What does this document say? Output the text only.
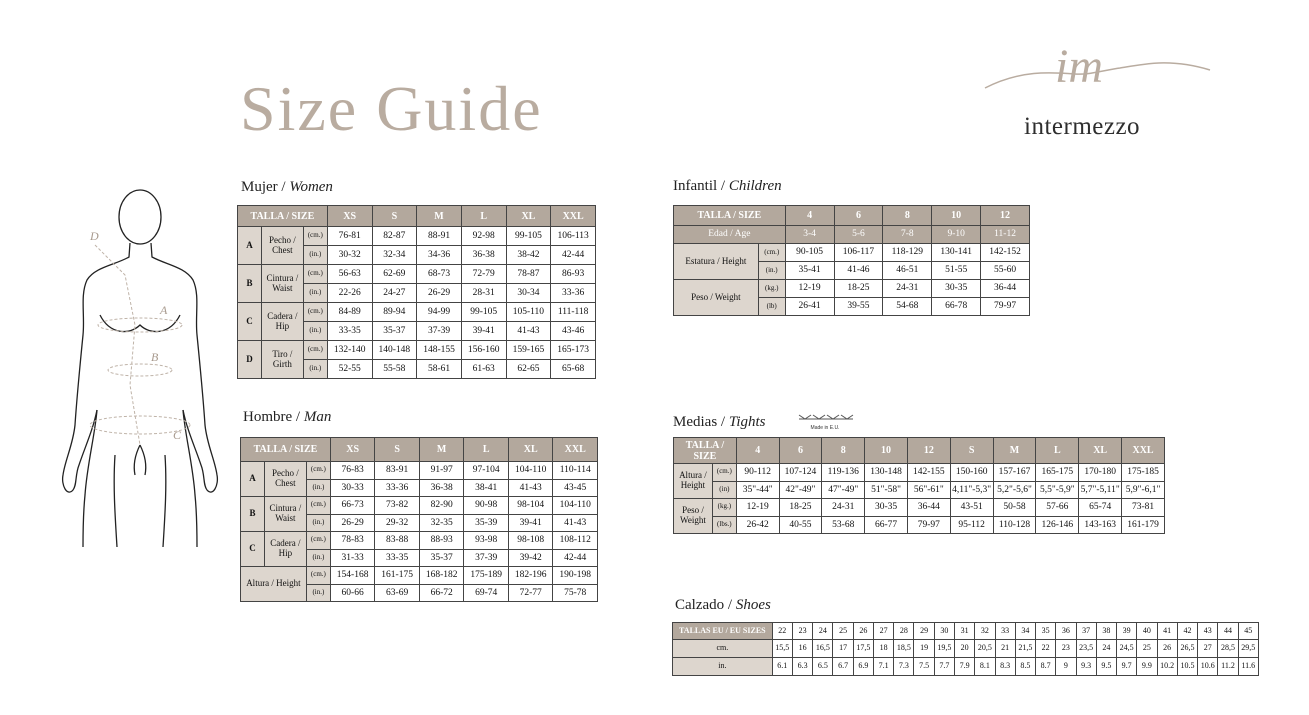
Size Guide
im
intermezzo
D
A
B
C
Mujer / Women
TALLA / SIZE			XS	S	M	L	XL	XXL
A	Pecho / Chest	(cm.)	76-81	82-87	88-91	92-98	99-105	106-113
		(in.)	30-32	32-34	34-36	36-38	38-42	42-44
B	Cintura / Waist	(cm.)	56-63	62-69	68-73	72-79	78-87	86-93
		(in.)	22-26	24-27	26-29	28-31	30-34	33-36
C	Cadera / Hip	(cm.)	84-89	89-94	94-99	99-105	105-110	111-118
		(in.)	33-35	35-37	37-39	39-41	41-43	43-46
D	Tiro / Girth	(cm.)	132-140	140-148	148-155	156-160	159-165	165-173
		(in.)	52-55	55-58	58-61	61-63	62-65	65-68
Hombre / Man
TALLA / SIZE			XS	S	M	L	XL	XXL
A	Pecho / Chest	(cm.)	76-83	83-91	91-97	97-104	104-110	110-114
		(in.)	30-33	33-36	36-38	38-41	41-43	43-45
B	Cintura / Waist	(cm.)	66-73	73-82	82-90	90-98	98-104	104-110
		(in.)	26-29	29-32	32-35	35-39	39-41	41-43
C	Cadera / Hip	(cm.)	78-83	83-88	88-93	93-98	98-108	108-112
		(in.)	31-33	33-35	35-37	37-39	39-42	42-44
Altura / Height		(cm.)	154-168	161-175	168-182	175-189	182-196	190-198
		(in.)	60-66	63-69	66-72	69-74	72-77	75-78
Infantil / Children
TALLA / SIZE		4	6	8	10	12
Edad / Age		3-4	5-6	7-8	9-10	11-12
Estatura / Height	(cm.)	90-105	106-117	118-129	130-141	142-152
	(in.)	35-41	41-46	46-51	51-55	55-60
Peso / Weight	(kg.)	12-19	18-25	24-31	30-35	36-44
	(lb)	26-41	39-55	54-68	66-78	79-97
Medias / Tights	Made in E.U.
TALLA / SIZE		4	6	8	10	12	S	M	L	XL	XXL
Altura / Height	(cm.)	90-112	107-124	119-136	130-148	142-155	150-160	157-167	165-175	170-180	175-185
	(in)	35"-44"	42"-49"	47"-49"	51"-58"	56"-61"	4,11"-5,3"	5,2"-5,6"	5,5"-5,9"	5,7"-5,11"	5,9"-6,1"
Peso / Weight	(kg.)	12-19	18-25	24-31	30-35	36-44	43-51	50-58	57-66	65-74	73-81
	(lbs.)	26-42	40-55	53-68	66-77	79-97	95-112	110-128	126-146	143-163	161-179
Calzado / Shoes
TALLAS EU / EU SIZES	22	23	24	25	26	27	28	29	30	31	32	33	34	35	36	37	38	39	40	41	42	43	44	45
cm.	15,5	16	16,5	17	17,5	18	18,5	19	19,5	20	20,5	21	21,5	22	23	23,5	24	24,5	25	26	26,5	27	28,5	29,5
in.	6.1	6.3	6.5	6.7	6.9	7.1	7.3	7.5	7.7	7.9	8.1	8.3	8.5	8.7	9	9.3	9.5	9.7	9.9	10.2	10.5	10.6	11.2	11.6
